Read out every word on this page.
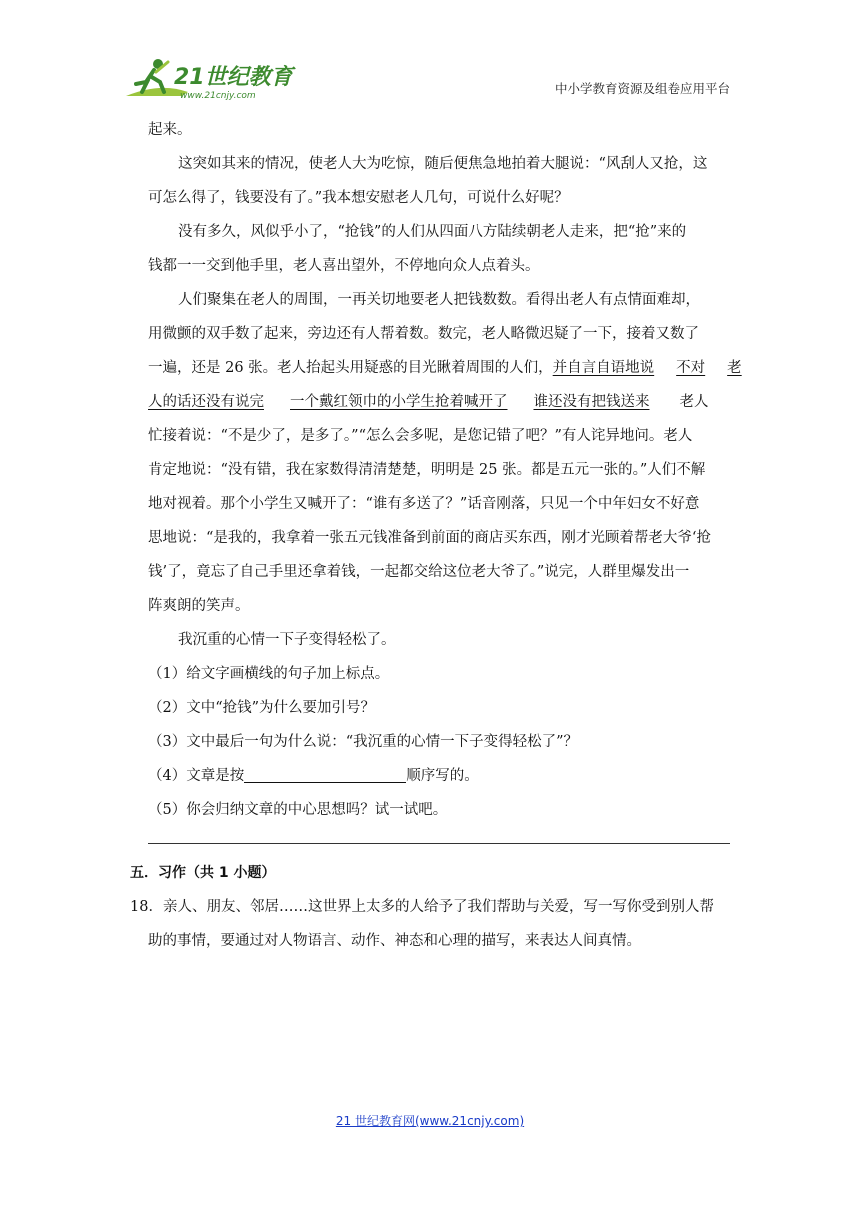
21世纪教育
www.21cnjy.com	中小学教育资源及组卷应用平台
起来。
这突如其来的情况，使老人大为吃惊，随后便焦急地拍着大腿说：“风刮人又抢，这
可怎么得了，钱要没有了。”我本想安慰老人几句，可说什么好呢？
没有多久，风似乎小了，“抢钱”的人们从四面八方陆续朝老人走来，把“抢”来的
钱都一一交到他手里，老人喜出望外，不停地向众人点着头。
人们聚集在老人的周围，一再关切地要老人把钱数数。看得出老人有点情面难却，
用微颤的双手数了起来，旁边还有人帮着数。数完，老人略微迟疑了一下，接着又数了
一遍，还是 26 张。老人抬起头用疑惑的目光瞅着周围的人们，并自言自语地说 不对 老
人的话还没有说完 一个戴红领巾的小学生抢着喊开了 谁还没有把钱送来 老人
忙接着说：“不是少了，是多了。”“怎么会多呢，是您记错了吧？”有人诧异地问。老人
肯定地说：“没有错，我在家数得清清楚楚，明明是 25 张。都是五元一张的。”人们不解
地对视着。那个小学生又喊开了：“谁有多送了？”话音刚落，只见一个中年妇女不好意
思地说：“是我的，我拿着一张五元钱准备到前面的商店买东西，刚才光顾着帮老大爷‘抢
钱’了，竟忘了自己手里还拿着钱，一起都交给这位老大爷了。”说完，人群里爆发出一
阵爽朗的笑声。
我沉重的心情一下子变得轻松了。
（1）给文字画横线的句子加上标点。
（2）文中“抢钱”为什么要加引号？
（3）文中最后一句为什么说：“我沉重的心情一下子变得轻松了”？
（4）文章是按	顺序写的。
（5）你会归纳文章的中心思想吗？试一试吧。
五．习作（共 1 小题）
18．亲人、朋友、邻居……这世界上太多的人给予了我们帮助与关爱，写一写你受到别人帮
助的事情，要通过对人物语言、动作、神态和心理的描写，来表达人间真情。
21 世纪教育网(www.21cnjy.com)
